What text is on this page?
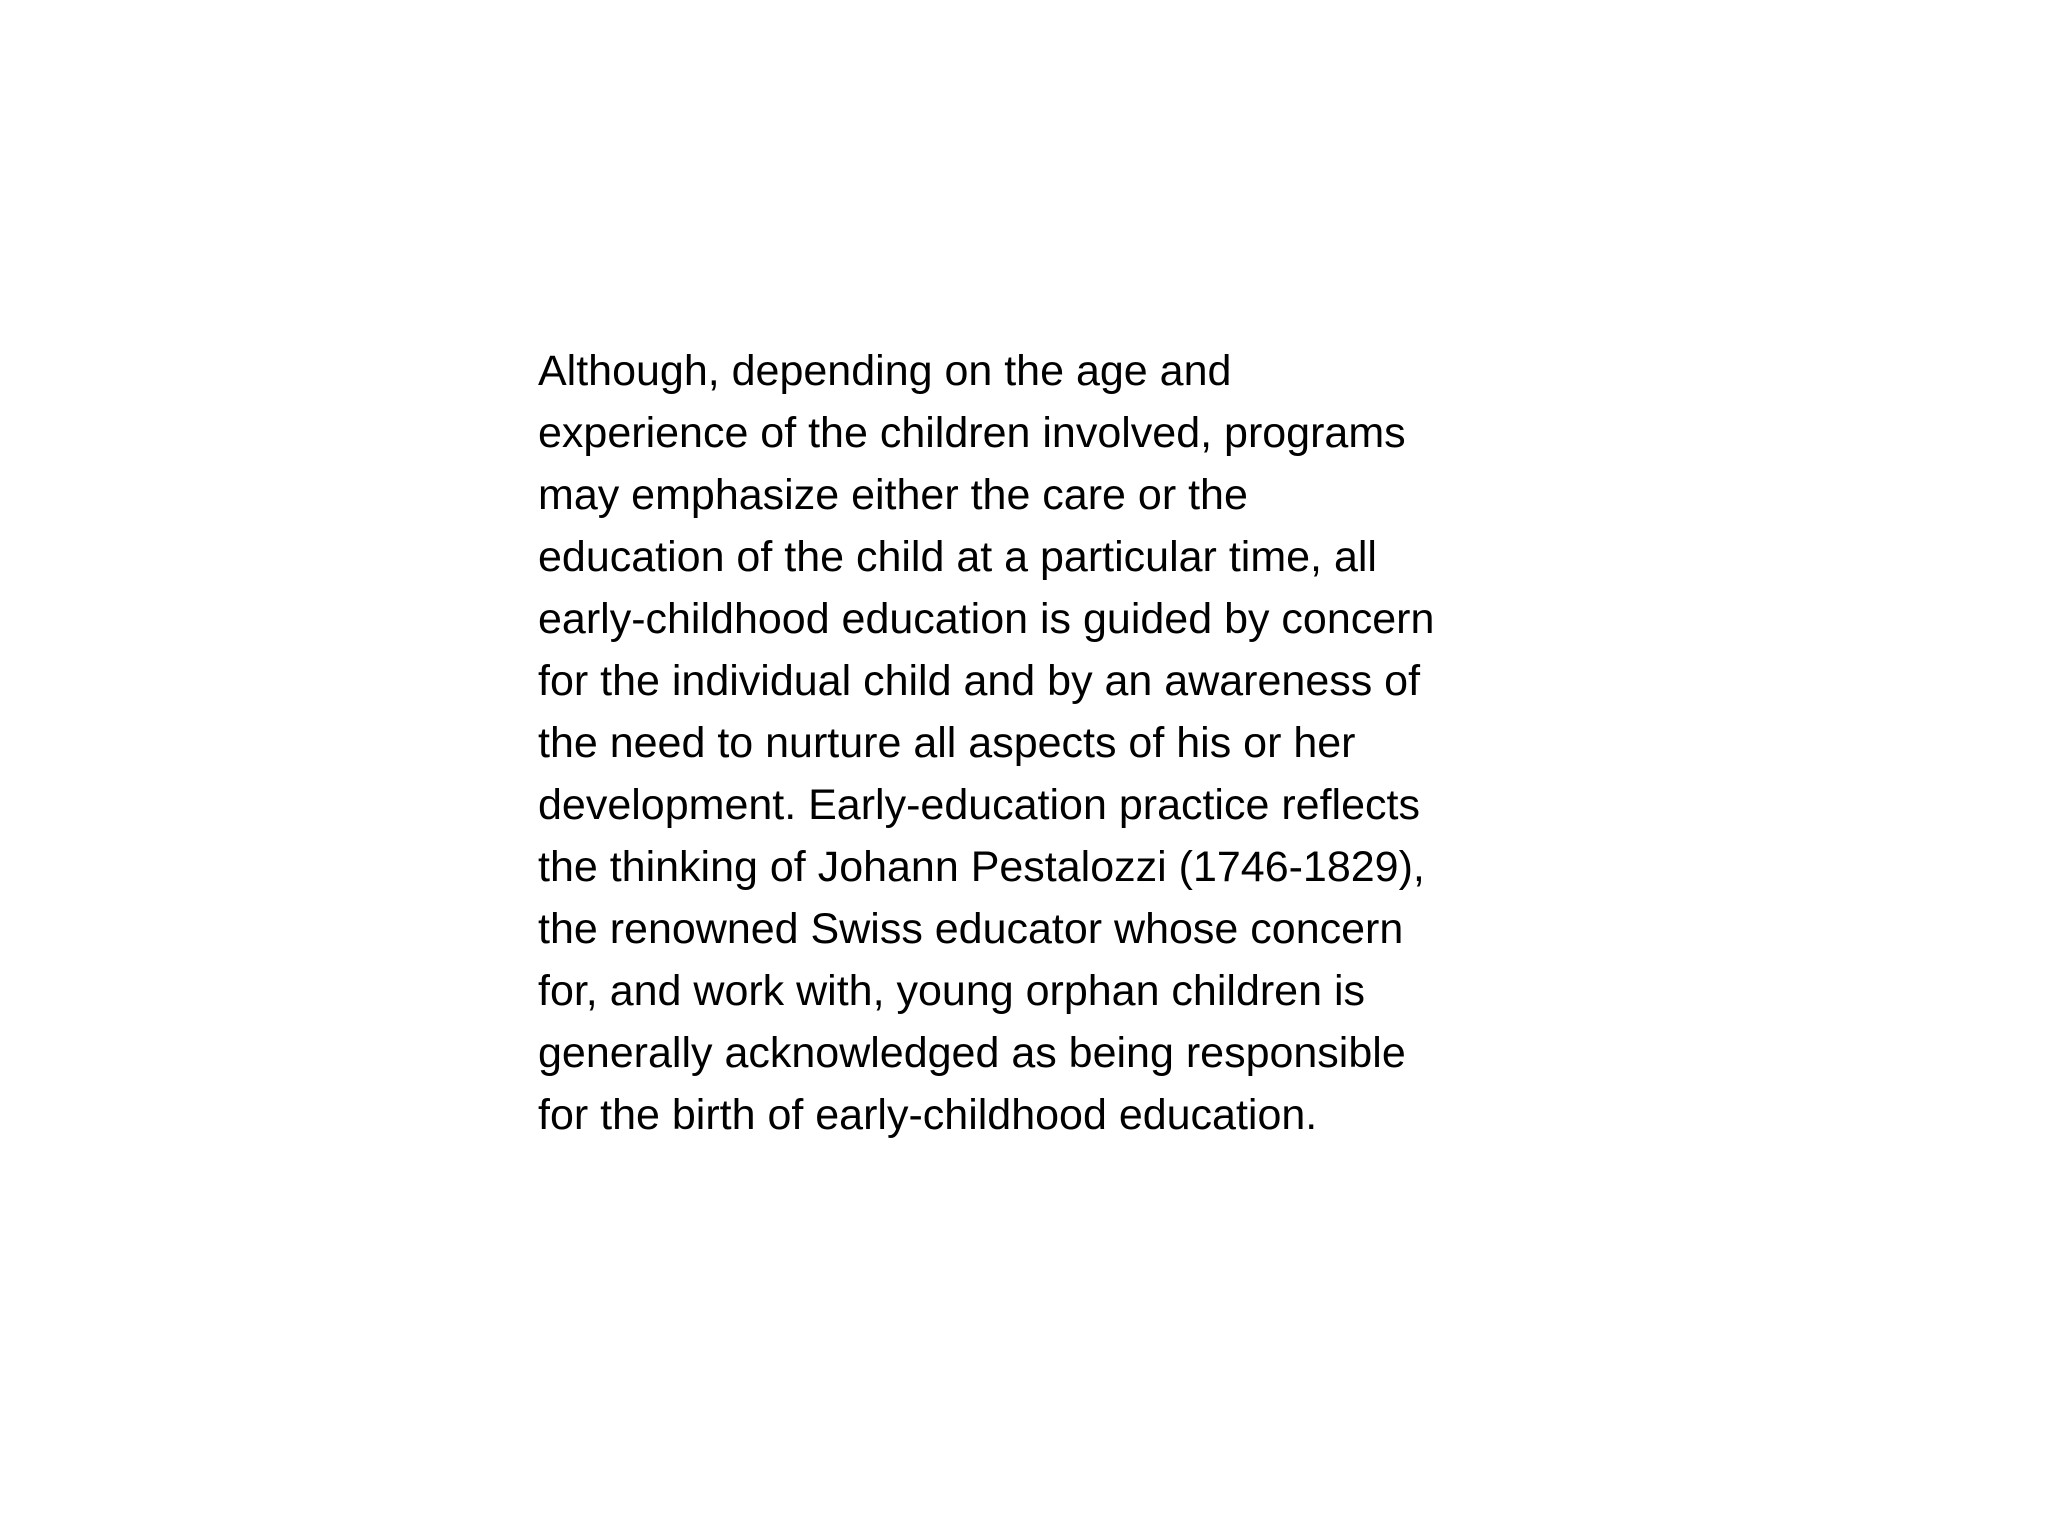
Although, depending on the age and
experience of the children involved, programs
may emphasize either the care or the
education of the child at a particular time, all
early-childhood education is guided by concern
for the individual child and by an awareness of
the need to nurture all aspects of his or her
development. Early-education practice reflects
the thinking of Johann Pestalozzi (1746-1829),
the renowned Swiss educator whose concern
for, and work with, young orphan children is
generally acknowledged as being responsible
for the birth of early-childhood education.
